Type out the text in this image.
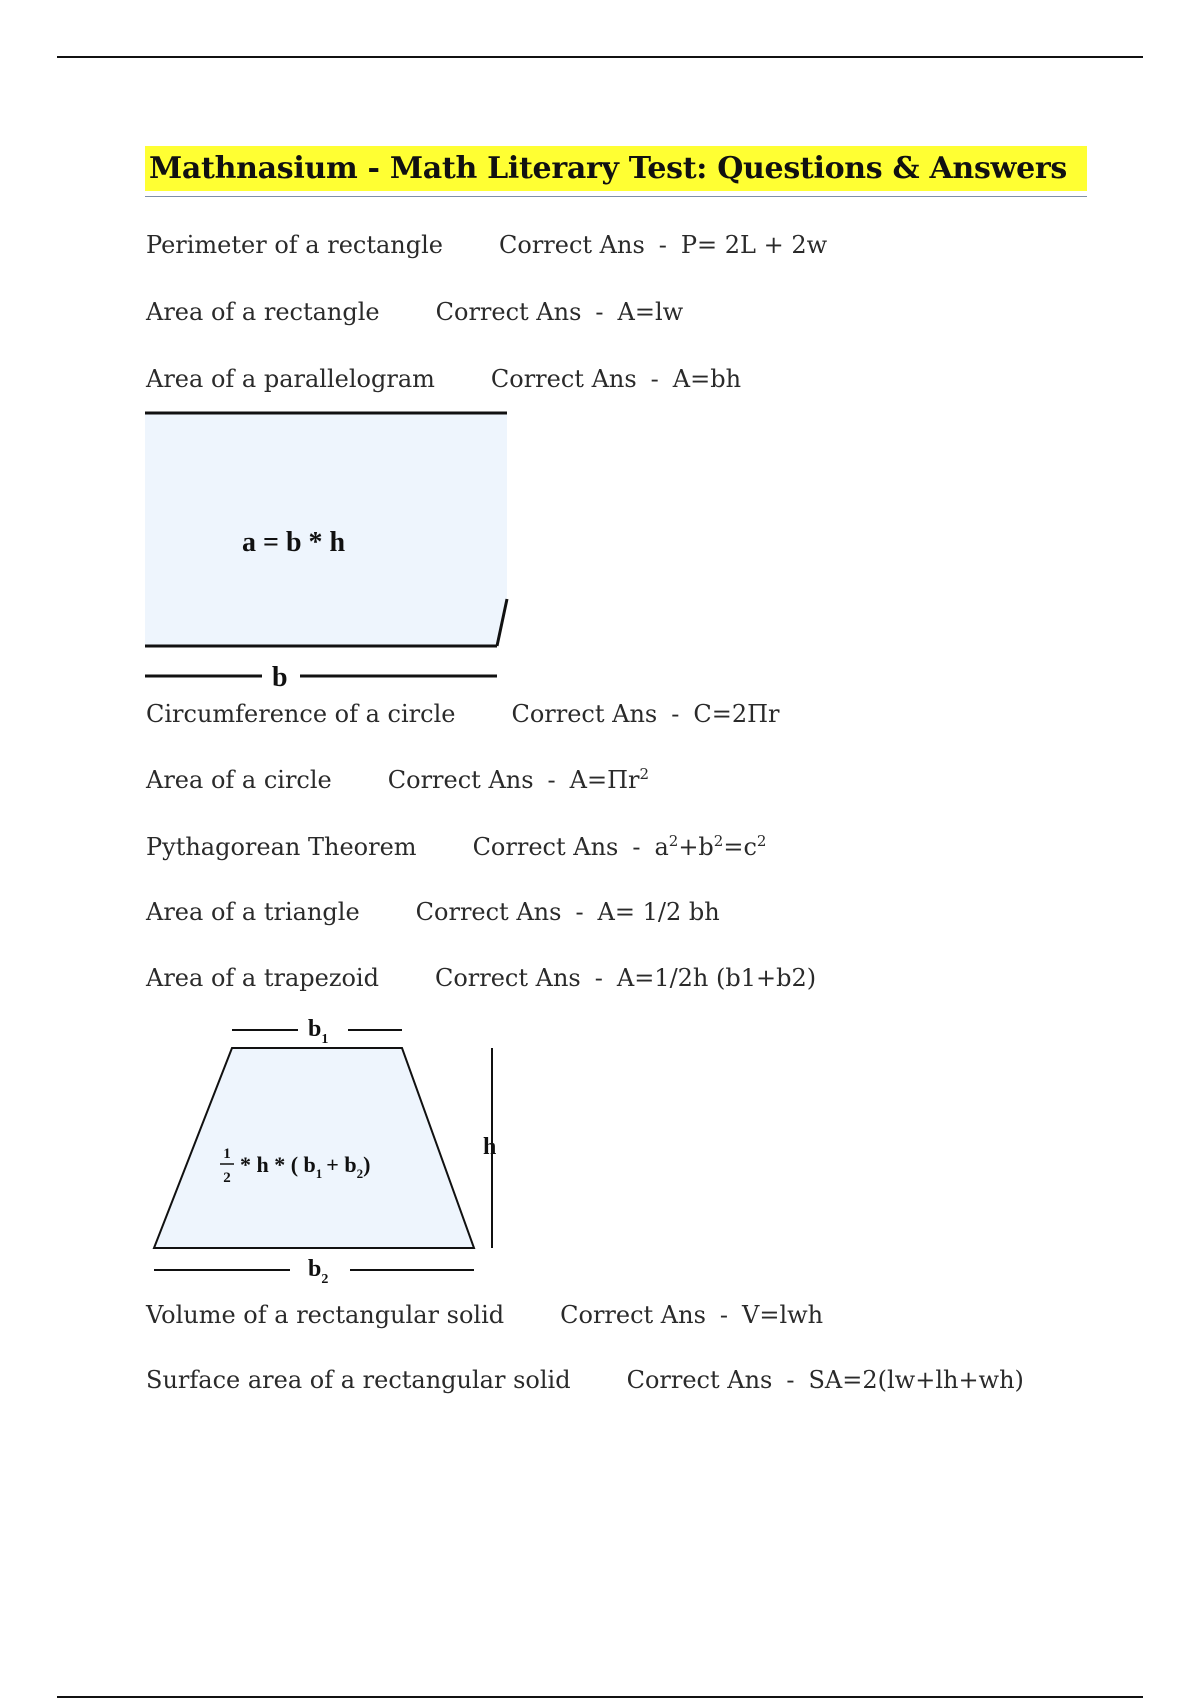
Mathnasium - Math Literary Test: Questions & Answers
Perimeter of a rectangle Correct Ans - P= 2L + 2w
Area of a rectangle Correct Ans - A=lw
Area of a parallelogram Correct Ans - A=bh
a = b * h
b
Circumference of a circle Correct Ans - C=2Πr
Area of a circle Correct Ans - $A=\Pi r^2$
Pythagorean Theorem Correct Ans - $a^2+b^2=c^2$
Area of a triangle Correct Ans - A= 1/2 bh
Area of a trapezoid Correct Ans - A=1/2h (b1+b2)
$b_1$
h
1
2
* h * ( $b_1 + b_2$)
$b_2$
Volume of a rectangular solid Correct Ans - V=lwh
Surface area of a rectangular solid Correct Ans - SA=2(lw+lh+wh)
